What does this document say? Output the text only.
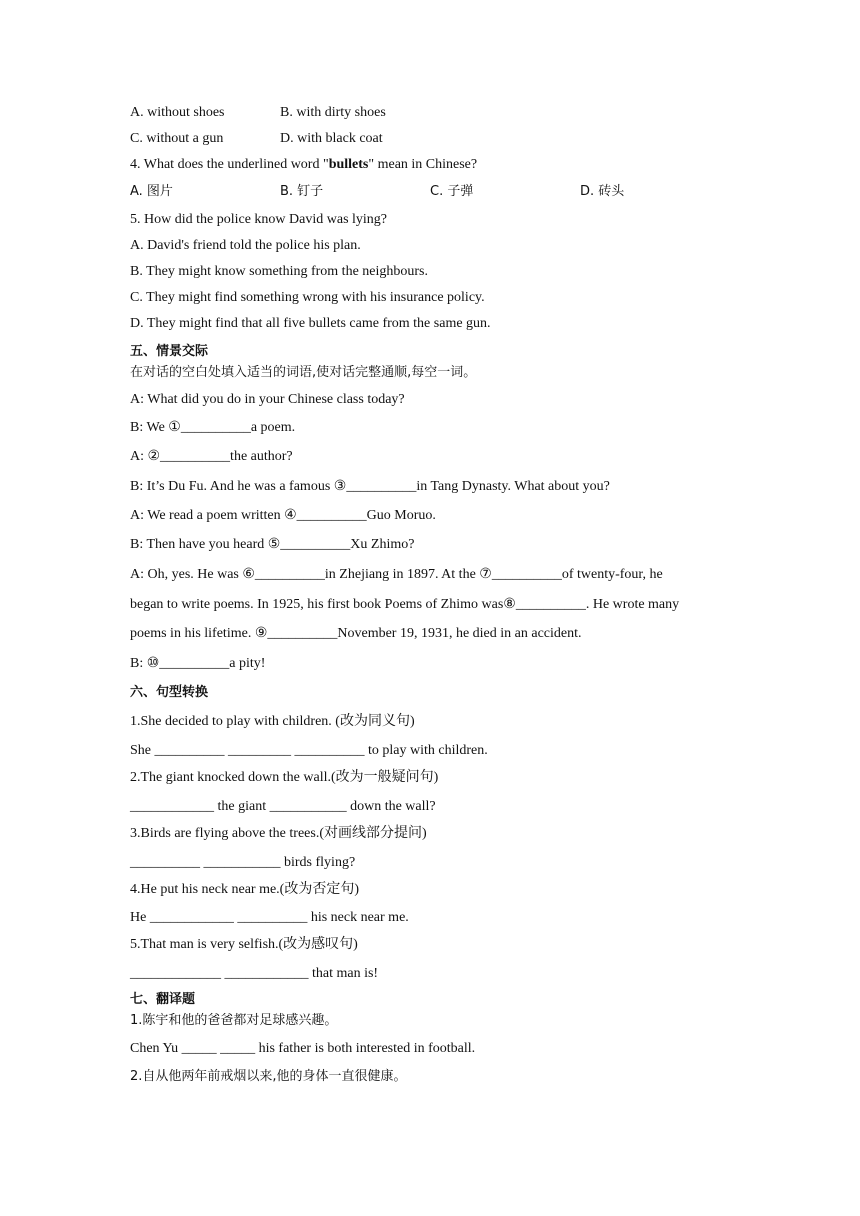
A. without shoes	B. with dirty shoes
C. without a gun	D. with black coat
4. What does the underlined word "bullets" mean in Chinese?
A. 图片	B. 钉子	C. 子弹	D. 砖头
5. How did the police know David was lying?
A. David's friend told the police his plan.
B. They might know something from the neighbours.
C. They might find something wrong with his insurance policy.
D. They might find that all five bullets came from the same gun.
五、情景交际
在对话的空白处填入适当的词语,使对话完整通顺,每空一词。
A: What did you do in your Chinese class today?
B: We ①__________a poem.
A: ②__________the author?
B: It’s Du Fu. And he was a famous ③__________in Tang Dynasty. What about you?
A: We read a poem written ④__________Guo Moruo.
B: Then have you heard ⑤__________Xu Zhimo?
A: Oh, yes. He was ⑥__________in Zhejiang in 1897. At the ⑦__________of twenty-four, he
began to write poems. In 1925, his first book Poems of Zhimo was⑧__________. He wrote many
poems in his lifetime. ⑨__________November 19, 1931, he died in an accident.
B: ⑩__________a pity!
六、句型转换
1.She decided to play with children. (改为同义句)
She __________ _________ __________ to play with children.
2.The giant knocked down the wall.(改为一般疑问句)
____________ the giant ___________ down the wall?
3.Birds are flying above the trees.(对画线部分提问)
__________ ___________ birds flying?
4.He put his neck near me.(改为否定句)
He ____________ __________ his neck near me.
5.That man is very selfish.(改为感叹句)
_____________ ____________ that man is!
七、翻译题
1.陈宇和他的爸爸都对足球感兴趣。
Chen Yu _____ _____ his father is both interested in football.
2.自从他两年前戒烟以来,他的身体一直很健康。
